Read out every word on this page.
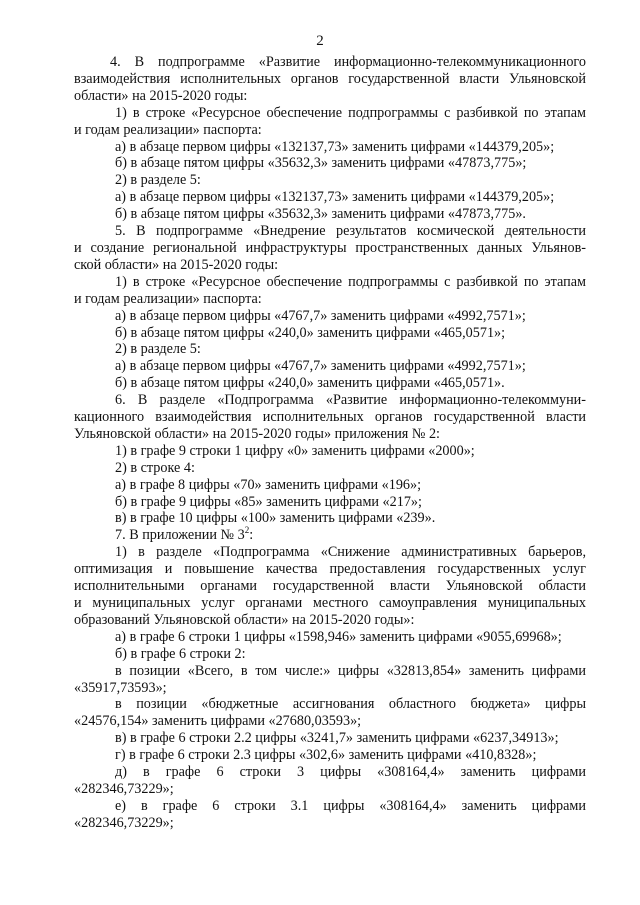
2

4. В подпрограмме «Развитие информационно-телекоммуникационного

взаимодействия исполнительных органов государственной власти Ульяновской
области» на 2015-2020 годы:
1) в строке «Ресурсное обеспечение подпрограммы с разбивкой по этапам
и годам реализации» паспорта:
а) в абзаце первом цифры «132137,73» заменить цифрами «144379,205»;
б) в абзаце пятом цифры «35632,3» заменить цифрами «47873,775»;
2) в разделе 5:
а) в абзаце первом цифры «132137,73» заменить цифрами «144379,205»;
б) в абзаце пятом цифры «35632,3» заменить цифрами «47873,775».
5. В подпрограмме «Внедрение результатов космической деятельности
и создание региональной инфраструктуры пространственных данных Ульянов-
ской области» на 2015-2020 годы:
1) в строке «Ресурсное обеспечение подпрограммы с разбивкой по этапам
и годам реализации» паспорта:
а) в абзаце первом цифры «4767,7» заменить цифрами «4992,7571»;
б) в абзаце пятом цифры «240,0» заменить цифрами «465,0571»;
2) в разделе 5:
а) в абзаце первом цифры «4767,7» заменить цифрами «4992,7571»;
б) в абзаце пятом цифры «240,0» заменить цифрами «465,0571».
6. В разделе «Подпрограмма «Развитие информационно-телекоммуни-
кационного взаимодействия исполнительных органов государственной власти
Ульяновской области» на 2015-2020 годы» приложения № 2:
1) в графе 9 строки 1 цифру «0» заменить цифрами «2000»;
2) в строке 4:
а) в графе 8 цифры «70» заменить цифрами «196»;
б) в графе 9 цифры «85» заменить цифрами «217»;
в) в графе 10 цифры «100» заменить цифрами «239».
7. В приложении № $3^2$:
1) в разделе «Подпрограмма «Снижение административных барьеров,
оптимизация и повышение качества предоставления государственных услуг
исполнительными органами государственной власти Ульяновской области
и муниципальных услуг органами местного самоуправления муниципальных
образований Ульяновской области» на 2015-2020 годы»:
а) в графе 6 строки 1 цифры «1598,946» заменить цифрами «9055,69968»;
б) в графе 6 строки 2:
в позиции «Всего, в том числе:» цифры «32813,854» заменить цифрами
«35917,73593»;
в позиции «бюджетные ассигнования областного бюджета» цифры
«24576,154» заменить цифрами «27680,03593»;
в) в графе 6 строки 2.2 цифры «3241,7» заменить цифрами «6237,34913»;
г) в графе 6 строки 2.3 цифры «302,6» заменить цифрами «410,8328»;
д) в графе 6 строки 3 цифры «308164,4» заменить цифрами
«282346,73229»;
е) в графе 6 строки 3.1 цифры «308164,4» заменить цифрами
«282346,73229»;
